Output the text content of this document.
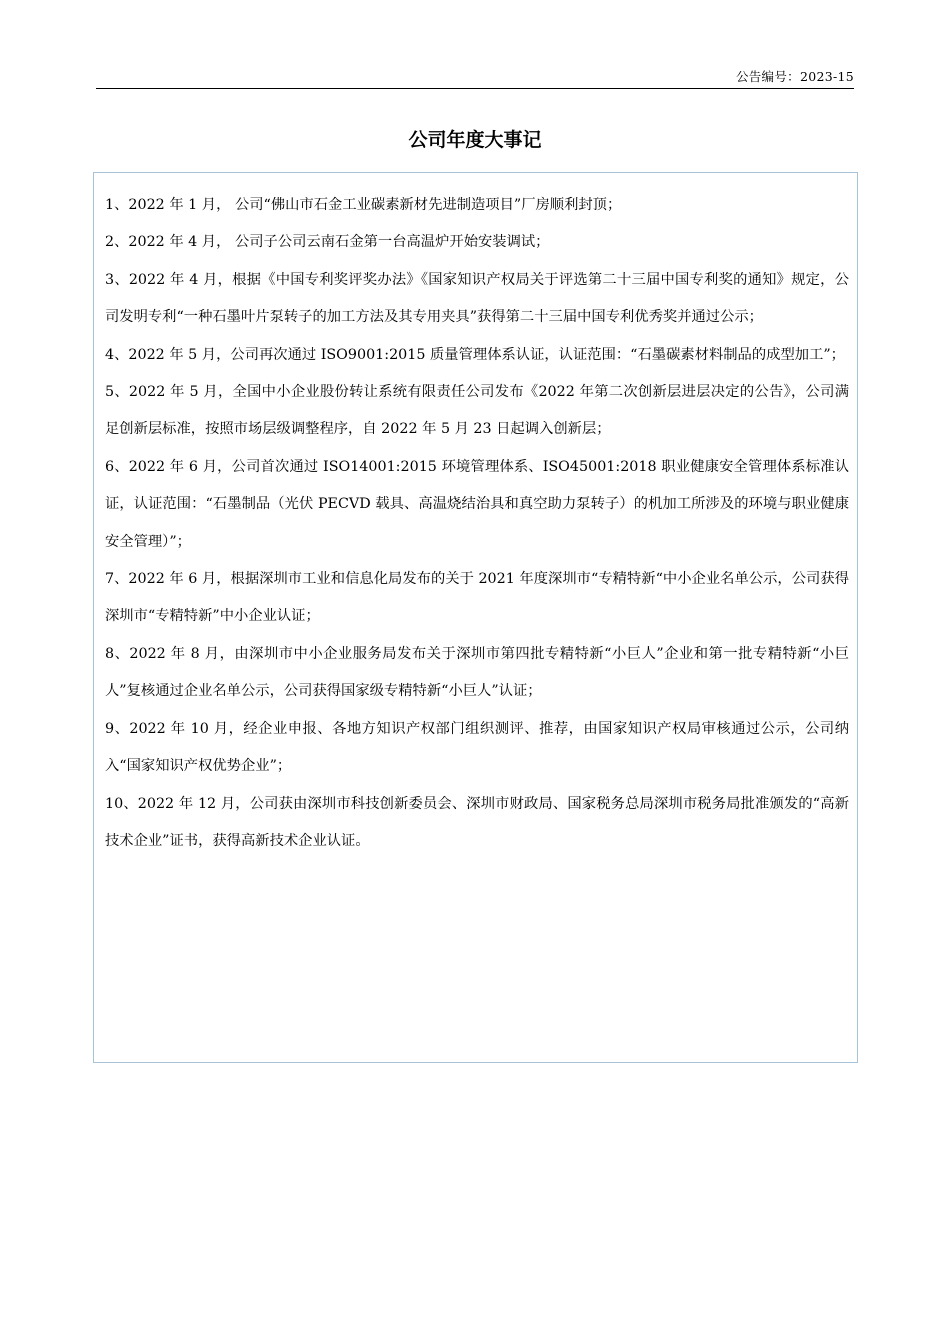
公告编号：2023-15
公司年度大事记

1、2022 年 1 月， 公司“佛山市石金工业碳素新材先进制造项目”厂房顺利封顶；

2、2022 年 4 月， 公司子公司云南石金第一台高温炉开始安装调试；

3、2022 年 4 月，根据《中国专利奖评奖办法》《国家知识产权局关于评选第二十三届中国专利奖的通知》规定，公司发明专利“一种石墨叶片泵转子的加工方法及其专用夹具”获得第二十三届中国专利优秀奖并通过公示；

4、2022 年 5 月，公司再次通过 ISO9001:2015 质量管理体系认证，认证范围：“石墨碳素材料制品的成型加工”；

5、2022 年 5 月，全国中小企业股份转让系统有限责任公司发布《2022 年第二次创新层进层决定的公告》，公司满足创新层标准，按照市场层级调整程序，自 2022 年 5 月 23 日起调入创新层；

6、2022 年 6 月，公司首次通过 ISO14001:2015 环境管理体系、ISO45001:2018 职业健康安全管理体系标准认证，认证范围：“石墨制品（光伏 PECVD 载具、高温烧结治具和真空助力泵转子）的机加工所涉及的环境与职业健康安全管理）”；

7、2022 年 6 月，根据深圳市工业和信息化局发布的关于 2021 年度深圳市“专精特新“中小企业名单公示，公司获得深圳市“专精特新”中小企业认证；

8、2022 年 8 月，由深圳市中小企业服务局发布关于深圳市第四批专精特新“小巨人”企业和第一批专精特新“小巨人”复核通过企业名单公示，公司获得国家级专精特新“小巨人”认证；

9、2022 年 10 月，经企业申报、各地方知识产权部门组织测评、推荐，由国家知识产权局审核通过公示，公司纳入“国家知识产权优势企业”；

10、2022 年 12 月，公司获由深圳市科技创新委员会、深圳市财政局、国家税务总局深圳市税务局批准颁发的“高新技术企业”证书，获得高新技术企业认证。
